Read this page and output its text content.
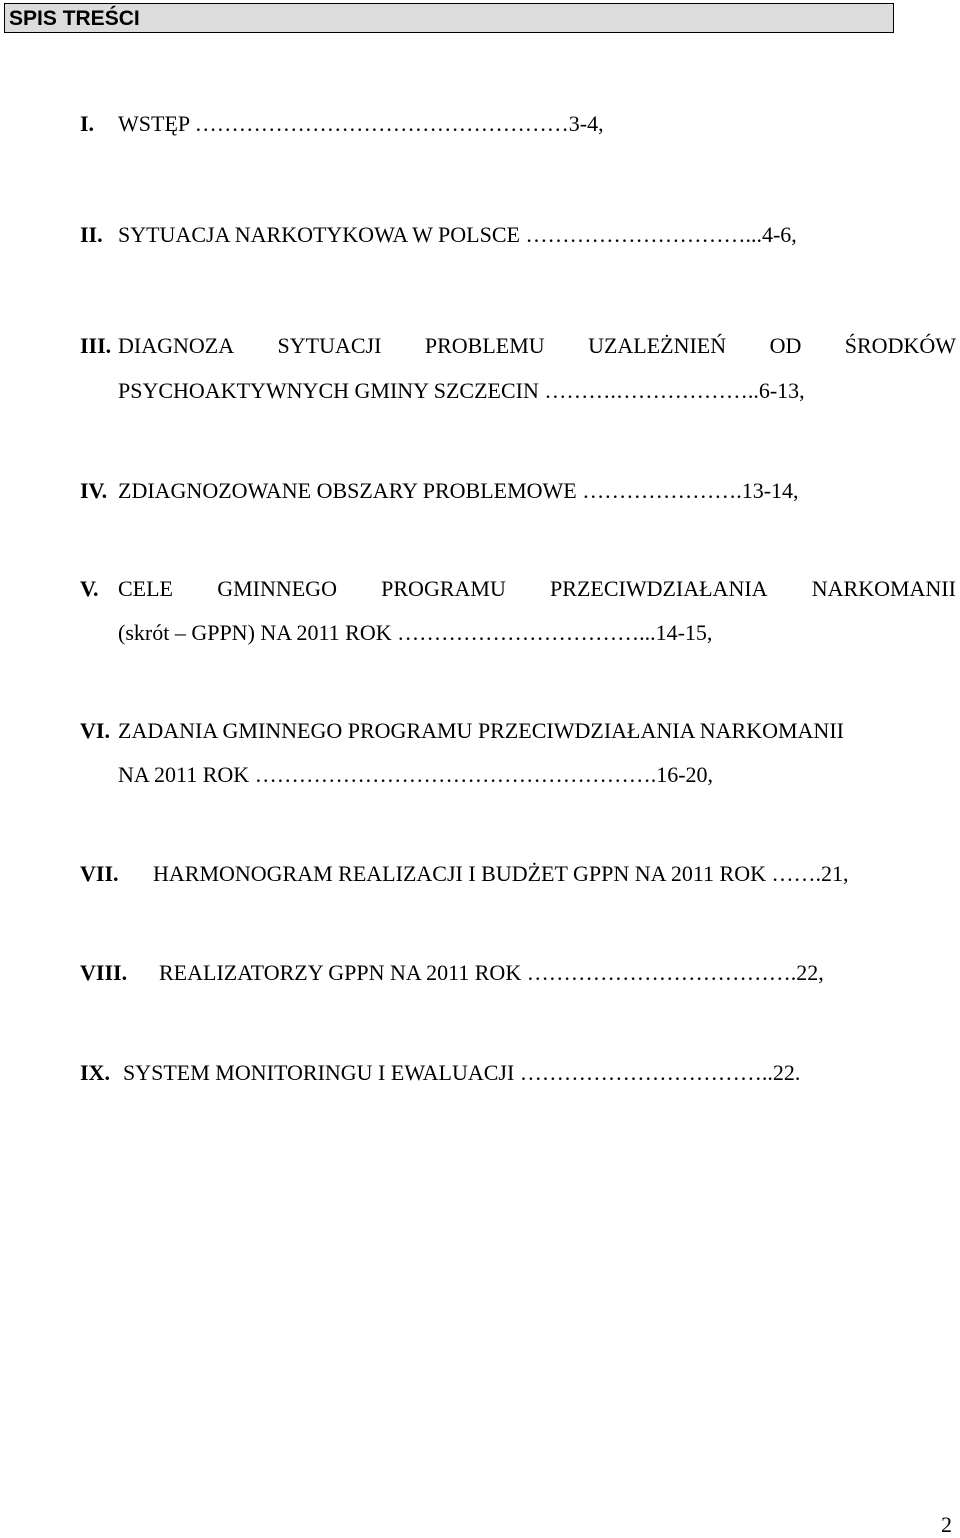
SPIS TREŚCI
I. WSTĘP ……………………………………………3-4,
II. SYTUACJA NARKOTYKOWA W POLSCE …………………………...4-6,
III. DIAGNOZA SYTUACJI PROBLEMU UZALEŻNIEŃ OD ŚRODKÓW
PSYCHOAKTYWNYCH GMINY SZCZECIN ……….………………..6-13,
IV. ZDIAGNOZOWANE OBSZARY PROBLEMOWE ………………….13-14,
V. CELE GMINNEGO PROGRAMU PRZECIWDZIAŁANIA NARKOMANII
(skrót – GPPN) NA 2011 ROK ……………………………...14-15,
VI. ZADANIA GMINNEGO PROGRAMU PRZECIWDZIAŁANIA NARKOMANII
NA 2011 ROK ……………………………………………….16-20,
VII. HARMONOGRAM REALIZACJI I BUDŻET GPPN NA 2011 ROK …….21,
VIII. REALIZATORZY GPPN NA 2011 ROK ……………………………….22,
IX. SYSTEM MONITORINGU I EWALUACJI ……………………………..22.
2
